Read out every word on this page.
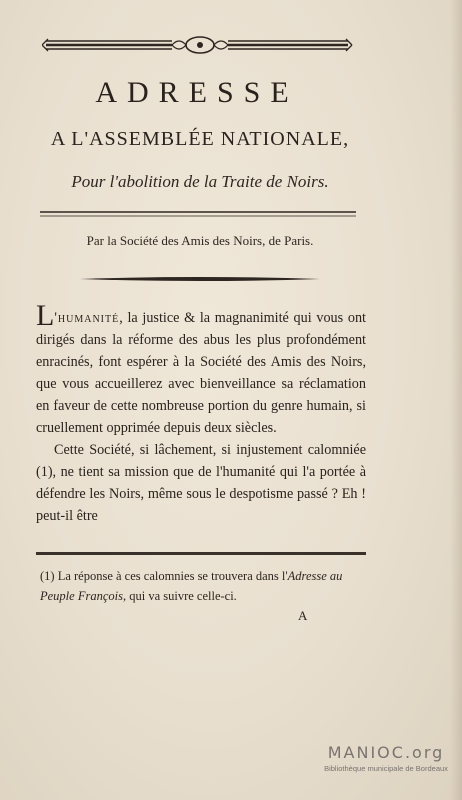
ADRESSE
A L'ASSEMBLÉE NATIONALE,
Pour l'abolition de la Traite de Noirs.
Par la Société des Amis des Noirs, de Paris.

L'humanité, la justice & la magnanimité qui vous ont dirigés dans la réforme des abus les plus profondément enracinés, font espérer à la Société des Amis des Noirs, que vous accueillerez avec bienveillance sa réclamation en faveur de cette nombreuse portion du genre humain, si cruellement opprimée depuis deux siècles.

Cette Société, si lâchement, si injustement calomniée (1), ne tient sa mission que de l'humanité qui l'a portée à défendre les Noirs, même sous le despotisme passé ? Eh ! peut-il être

(1) La réponse à ces calomnies se trouvera dans l'Adresse au Peuple François, qui va suivre celle-ci.

A
MANIOC.org
Bibliothèque municipale de Bordeaux
